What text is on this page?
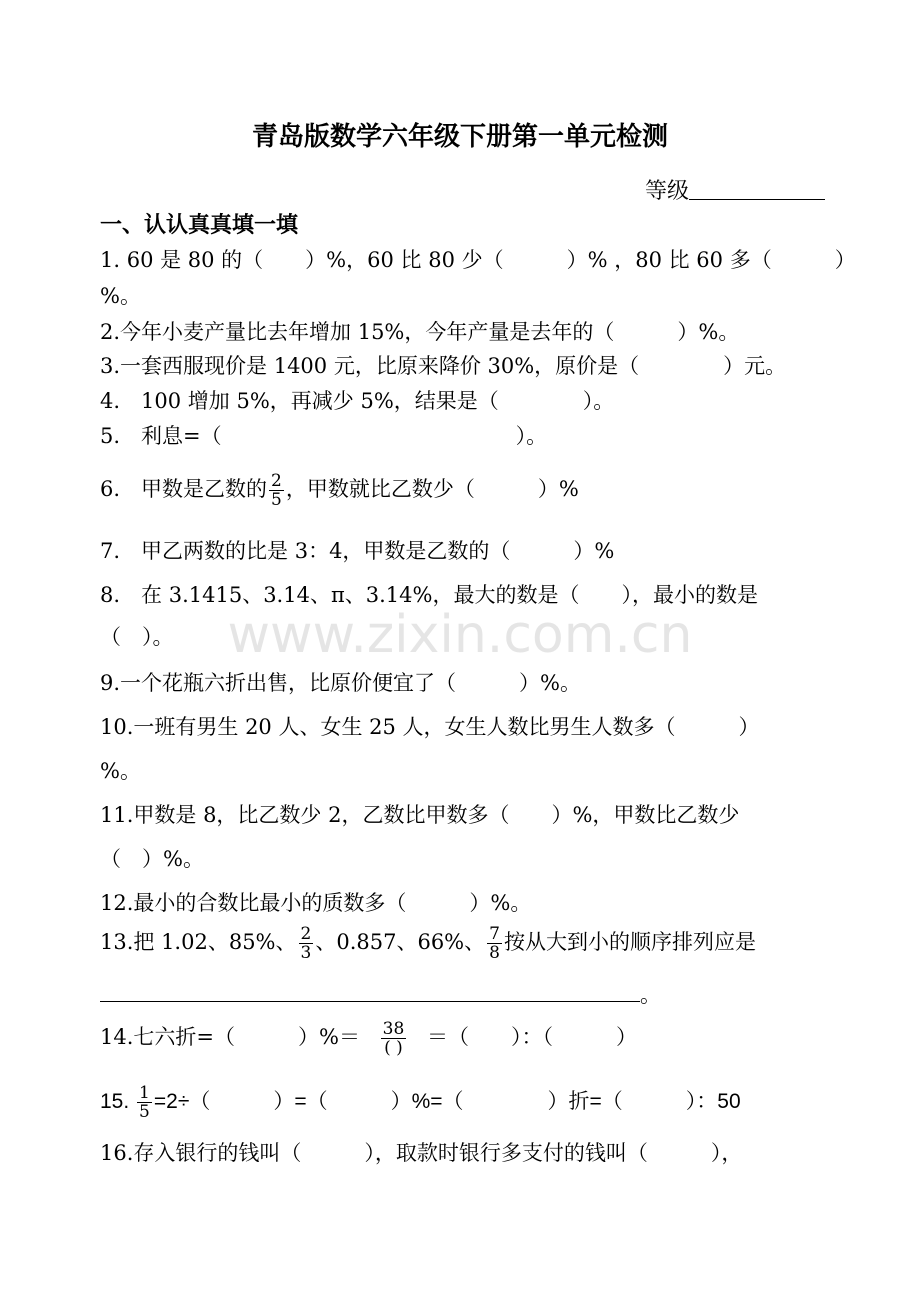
青岛版数学六年级下册第一单元检测
等级
一、认认真真填一填
1. 60 是 80 的（　　）%，60 比 80 少（　　　）% ，80 比 60 多（　　　）
%。
2.今年小麦产量比去年增加 15%，今年产量是去年的（　　　）%。
3.一套西服现价是 1400 元，比原来降价 30%，原价是（　　　　）元。
4.　100 增加 5%，再减少 5%，结果是（　　　　）。
5.　利息=（　　　　　　　　　　　　　　）。
6.　甲数是乙数的 $\frac{2}{5}$ ，甲数就比乙数少（　　　）%
7.　甲乙两数的比是 3：4，甲数是乙数的（　　　）%
8.　在 3.1415、3.14、π、3.14%，最大的数是（　　），最小的数是
（　）。	www.zixin.com.cn
9.一个花瓶六折出售，比原价便宜了（　　　）%。
10.一班有男生 20 人、女生 25 人，女生人数比男生人数多（　　　）
%。
11.甲数是 8，比乙数少 2，乙数比甲数多（　　）%，甲数比乙数少
（　）%。
12.最小的合数比最小的质数多（　　　）%。
13.把 1.02、85%、 $\frac{2}{3}$ 、0.857、66%、 $\frac{7}{8}$ 按从大到小的顺序排列应是
。
14.七六折=（　　　）%＝ $\frac{38}{( )}$ ＝（　　）：（　　　）
15. $\frac{1}{5} =2\div$（　　　）=（　　　）%=（　　　　）折=（　　　）：50
16.存入银行的钱叫（　　　），取款时银行多支付的钱叫（　　　），
